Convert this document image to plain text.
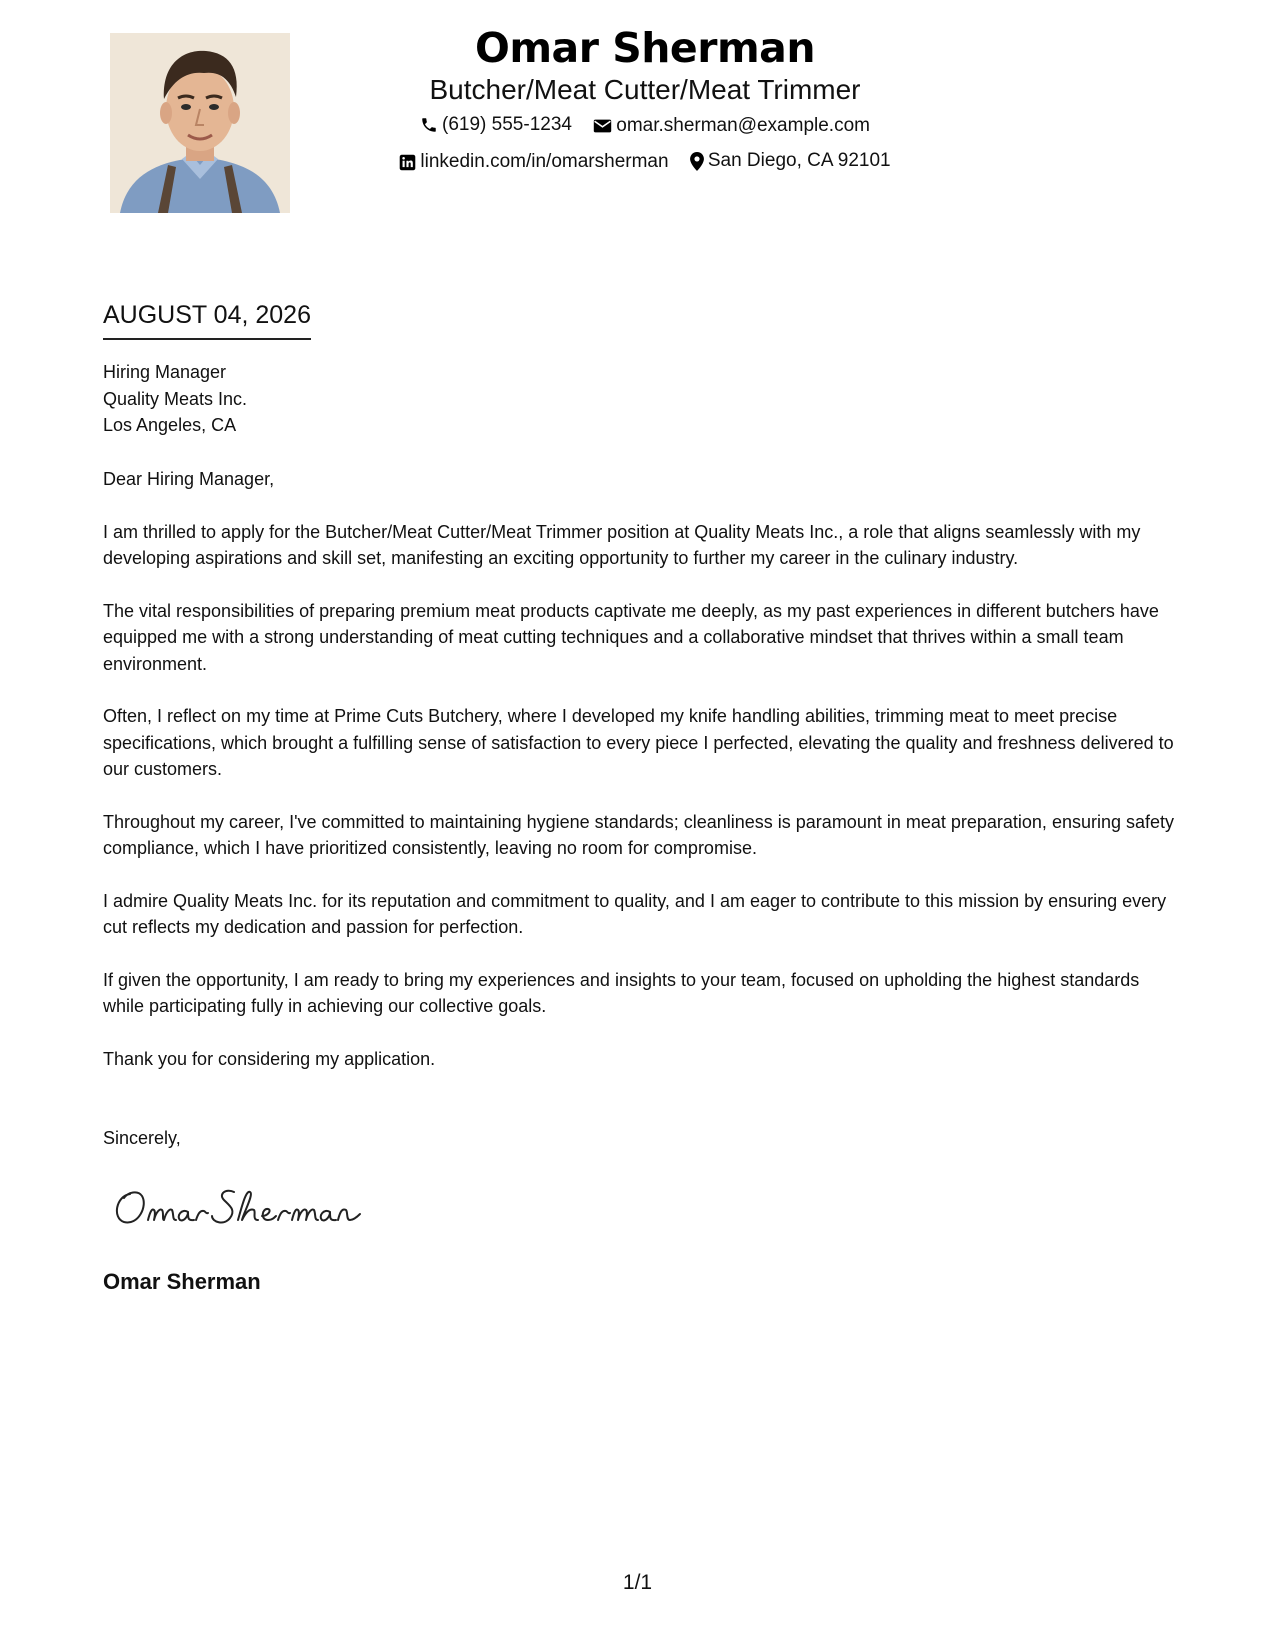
Omar Sherman
Butcher/Meat Cutter/Meat Trimmer
(619) 555-1234
omar.sherman@example.com
linkedin.com/in/omarsherman
San Diego, CA 92101
AUGUST 04, 2026
Hiring Manager
Quality Meats Inc.
Los Angeles, CA

Dear Hiring Manager,

I am thrilled to apply for the Butcher/Meat Cutter/Meat Trimmer position at Quality Meats Inc., a role that aligns seamlessly with my developing aspirations and skill set, manifesting an exciting opportunity to further my career in the culinary industry.

The vital responsibilities of preparing premium meat products captivate me deeply, as my past experiences in different butchers have equipped me with a strong understanding of meat cutting techniques and a collaborative mindset that thrives within a small team environment.

Often, I reflect on my time at Prime Cuts Butchery, where I developed my knife handling abilities, trimming meat to meet precise specifications, which brought a fulfilling sense of satisfaction to every piece I perfected, elevating the quality and freshness delivered to our customers.

Throughout my career, I've committed to maintaining hygiene standards; cleanliness is paramount in meat preparation, ensuring safety compliance, which I have prioritized consistently, leaving no room for compromise.

I admire Quality Meats Inc. for its reputation and commitment to quality, and I am eager to contribute to this mission by ensuring every cut reflects my dedication and passion for perfection.

If given the opportunity, I am ready to bring my experiences and insights to your team, focused on upholding the highest standards while participating fully in achieving our collective goals.

Thank you for considering my application.

Sincerely,
Omar Sherman
1/1
